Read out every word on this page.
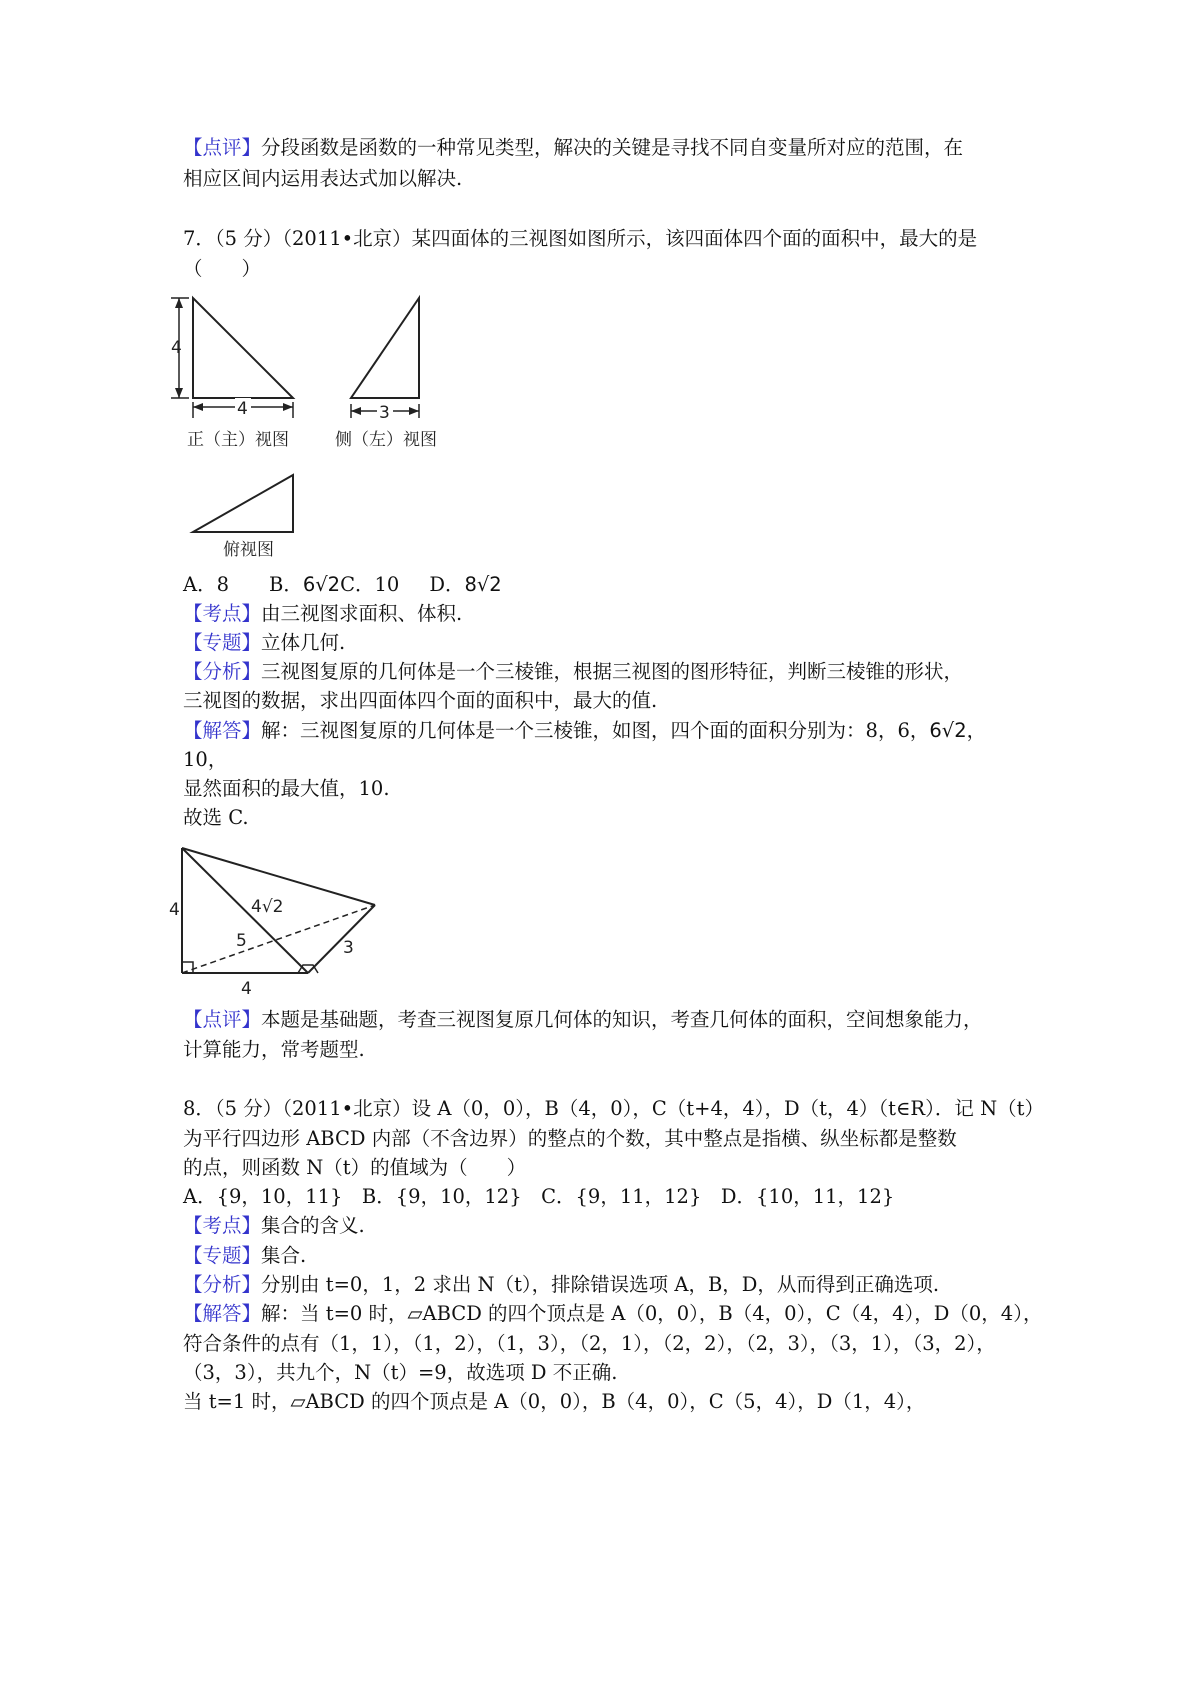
【点评】分段函数是函数的一种常见类型，解决的关键是寻找不同自变量所对应的范围，在
相应区间内运用表达式加以解决.
7．（5 分）（2011•北京）某四面体的三视图如图所示，该四面体四个面的面积中，最大的是
（　　）
4
4
正（主）视图
3
侧（左）视图
俯视图
A．8 B．6√2C．10 D．8√2
【考点】由三视图求面积、体积.
【专题】立体几何.
【分析】三视图复原的几何体是一个三棱锥，根据三视图的图形特征，判断三棱锥的形状，
三视图的数据，求出四面体四个面的面积中，最大的值.
【解答】解：三视图复原的几何体是一个三棱锥，如图，四个面的面积分别为：8，6，6√2，
10，
显然面积的最大值，10.
故选 C.
4
4
5
4√2
3
【点评】本题是基础题，考查三视图复原几何体的知识，考查几何体的面积，空间想象能力，
计算能力，常考题型.
8．（5 分）（2011•北京）设 A（0，0），B（4，0），C（t+4，4），D（t，4）（t∈R）．记 N（t）
为平行四边形 ABCD 内部（不含边界）的整点的个数，其中整点是指横、纵坐标都是整数
的点，则函数 N（t）的值域为（　　）
A．{9，10，11}　B．{9，10，12}　C．{9，11，12}　D．{10，11，12}
【考点】集合的含义.
【专题】集合.
【分析】分别由 t=0，1，2 求出 N（t），排除错误选项 A，B，D，从而得到正确选项.
【解答】解：当 t=0 时，▱ABCD 的四个顶点是 A（0，0），B（4，0），C（4，4），D（0，4），
符合条件的点有（1，1），（1，2），（1，3），（2，1），（2，2），（2，3），（3，1），（3，2），
（3，3），共九个，N（t）=9，故选项 D 不正确.
当 t=1 时，▱ABCD 的四个顶点是 A（0，0），B（4，0），C（5，4），D（1，4），
